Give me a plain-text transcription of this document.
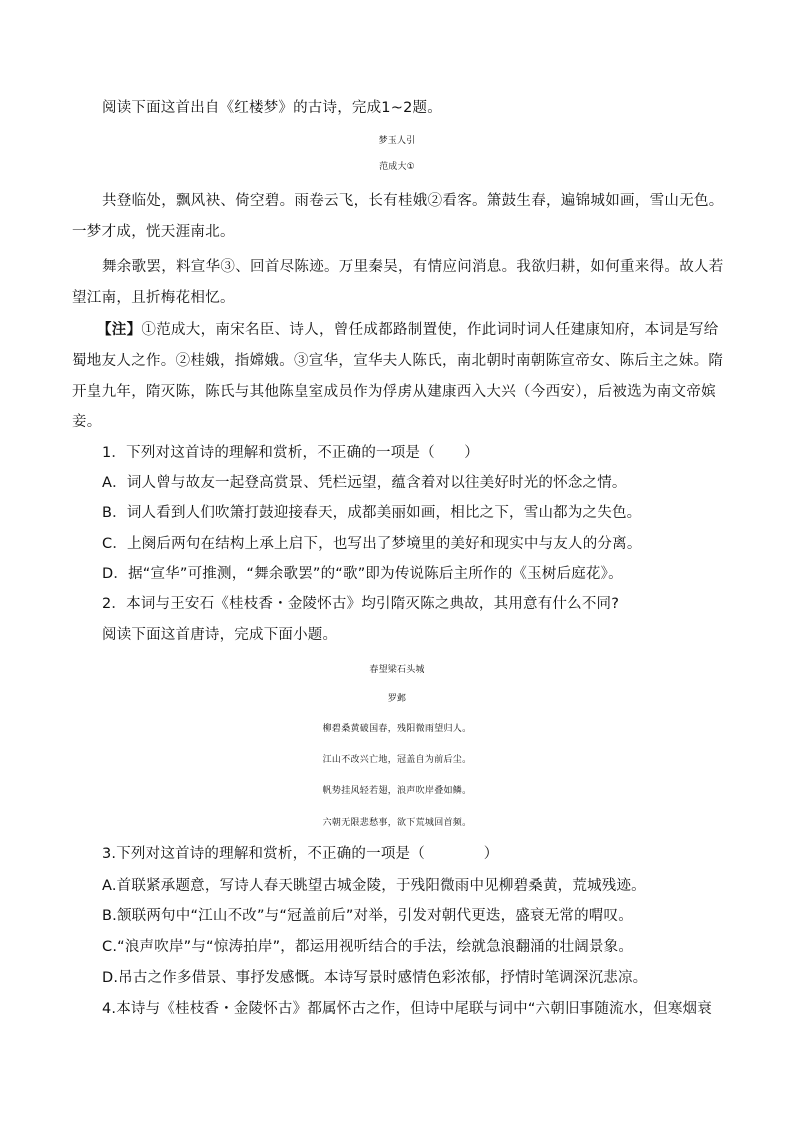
阅读下面这首出自《红楼梦》的古诗，完成1~2题。
梦玉人引
范成大①
共登临处，飘风袂、倚空碧。雨卷云飞，长有桂娥②看客。箫鼓生春，遍锦城如画，雪山无色。
一梦才成，恍天涯南北。
舞余歌罢，料宣华③、回首尽陈迹。万里秦吴，有情应问消息。我欲归耕，如何重来得。故人若
望江南，且折梅花相忆。
【注】①范成大，南宋名臣、诗人，曾任成都路制置使，作此词时词人任建康知府，本词是写给
蜀地友人之作。②桂娥，指嫦娥。③宣华，宣华夫人陈氏，南北朝时南朝陈宣帝女、陈后主之妹。隋
开皇九年，隋灭陈，陈氏与其他陈皇室成员作为俘虏从建康西入大兴（今西安），后被选为南文帝嫔
妾。
1．下列对这首诗的理解和赏析，不正确的一项是（　　）
A．词人曾与故友一起登高赏景、凭栏远望，蕴含着对以往美好时光的怀念之情。
B．词人看到人们吹箫打鼓迎接春天，成都美丽如画，相比之下，雪山都为之失色。
C．上阕后两句在结构上承上启下，也写出了梦境里的美好和现实中与友人的分离。
D．据“宣华”可推测，“舞余歌罢”的“歌”即为传说陈后主所作的《玉树后庭花》。
2．本词与王安石《桂枝香・金陵怀古》均引隋灭陈之典故，其用意有什么不同?
阅读下面这首唐诗，完成下面小题。
春望梁石头城
罗邺
柳碧桑黄破国春，残阳微雨望归人。
江山不改兴亡地，冠盖自为前后尘。
帆势挂风轻若翅，浪声吹岸叠如鳞。
六朝无限悲愁事，欲下荒城回首频。
3.下列对这首诗的理解和赏析，不正确的一项是（　　　　）
A.首联紧承题意，写诗人春天眺望古城金陵，于残阳微雨中见柳碧桑黄，荒城残迹。
B.颔联两句中“江山不改”与“冠盖前后”对举，引发对朝代更迭，盛衰无常的喟叹。
C.“浪声吹岸”与“惊涛拍岸”，都运用视听结合的手法，绘就急浪翻涌的壮阔景象。
D.吊古之作多借景、事抒发感慨。本诗写景时感情色彩浓郁，抒情时笔调深沉悲凉。
4.本诗与《桂枝香・金陵怀古》都属怀古之作，但诗中尾联与词中“六朝旧事随流水，但寒烟衰
